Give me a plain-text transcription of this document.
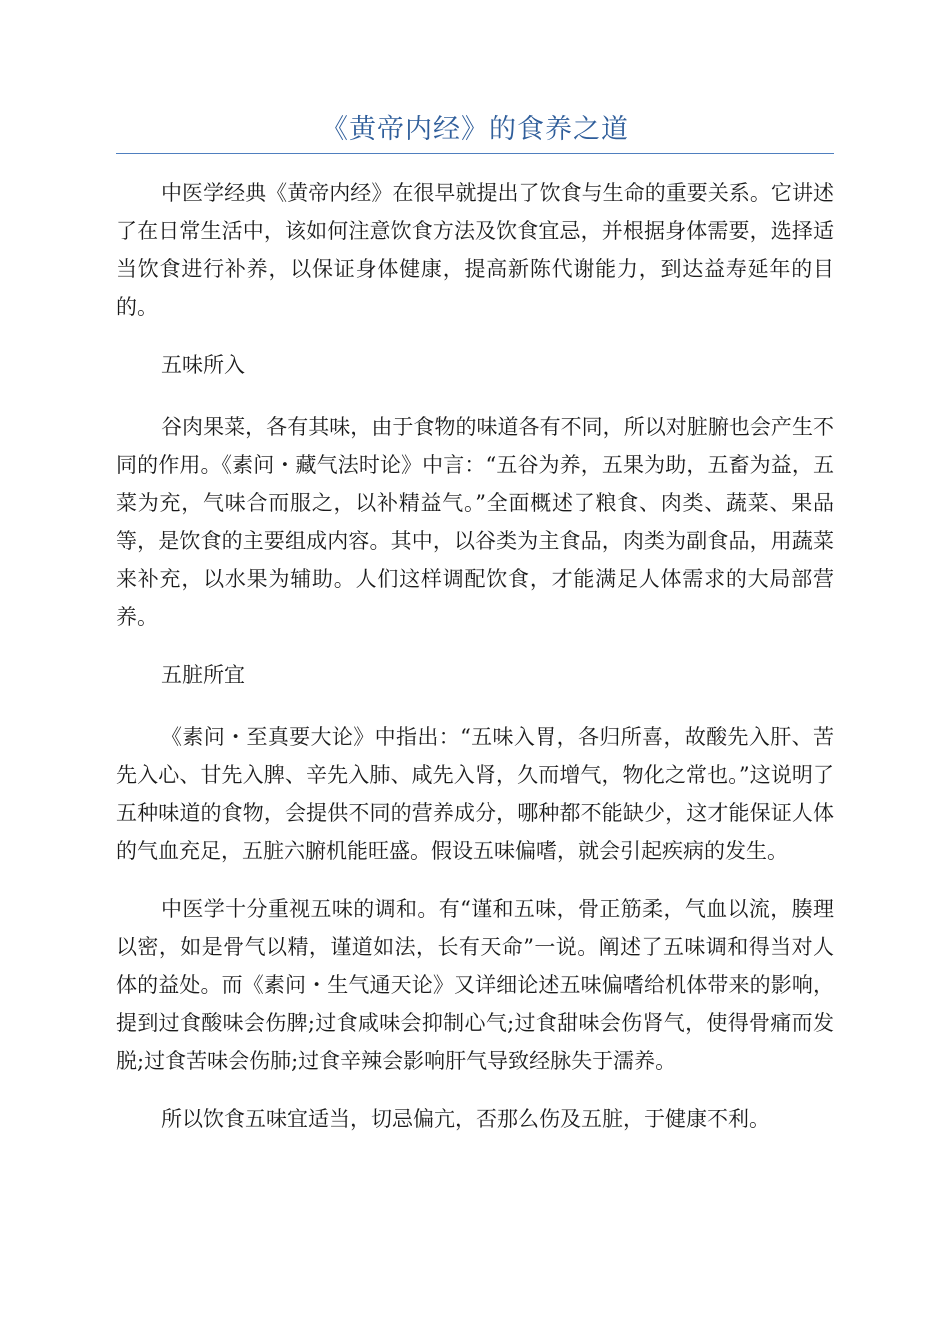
《黄帝内经》的食养之道

中医学经典《黄帝内经》在很早就提出了饮食与生命的重要关系。它讲述了在日常生活中，该如何注意饮食方法及饮食宜忌，并根据身体需要，选择适当饮食进行补养，以保证身体健康，提高新陈代谢能力，到达益寿延年的目的。

五味所入

谷肉果菜，各有其味，由于食物的味道各有不同，所以对脏腑也会产生不同的作用。《素问・藏气法时论》中言：“五谷为养，五果为助，五畜为益，五菜为充，气味合而服之，以补精益气。”全面概述了粮食、肉类、蔬菜、果品等，是饮食的主要组成内容。其中，以谷类为主食品，肉类为副食品，用蔬菜来补充，以水果为辅助。人们这样调配饮食，才能满足人体需求的大局部营养。

五脏所宜

《素问・至真要大论》中指出：“五味入胃，各归所喜，故酸先入肝、苦先入心、甘先入脾、辛先入肺、咸先入肾，久而增气，物化之常也。”这说明了五种味道的食物，会提供不同的营养成分，哪种都不能缺少，这才能保证人体的气血充足，五脏六腑机能旺盛。假设五味偏嗜，就会引起疾病的发生。

中医学十分重视五味的调和。有“谨和五味，骨正筋柔，气血以流，腠理以密，如是骨气以精，谨道如法，长有天命”一说。阐述了五味调和得当对人体的益处。而《素问・生气通天论》又详细论述五味偏嗜给机体带来的影响，提到过食酸味会伤脾;过食咸味会抑制心气;过食甜味会伤肾气，使得骨痛而发脱;过食苦味会伤肺;过食辛辣会影响肝气导致经脉失于濡养。

所以饮食五味宜适当，切忌偏亢，否那么伤及五脏，于健康不利。
